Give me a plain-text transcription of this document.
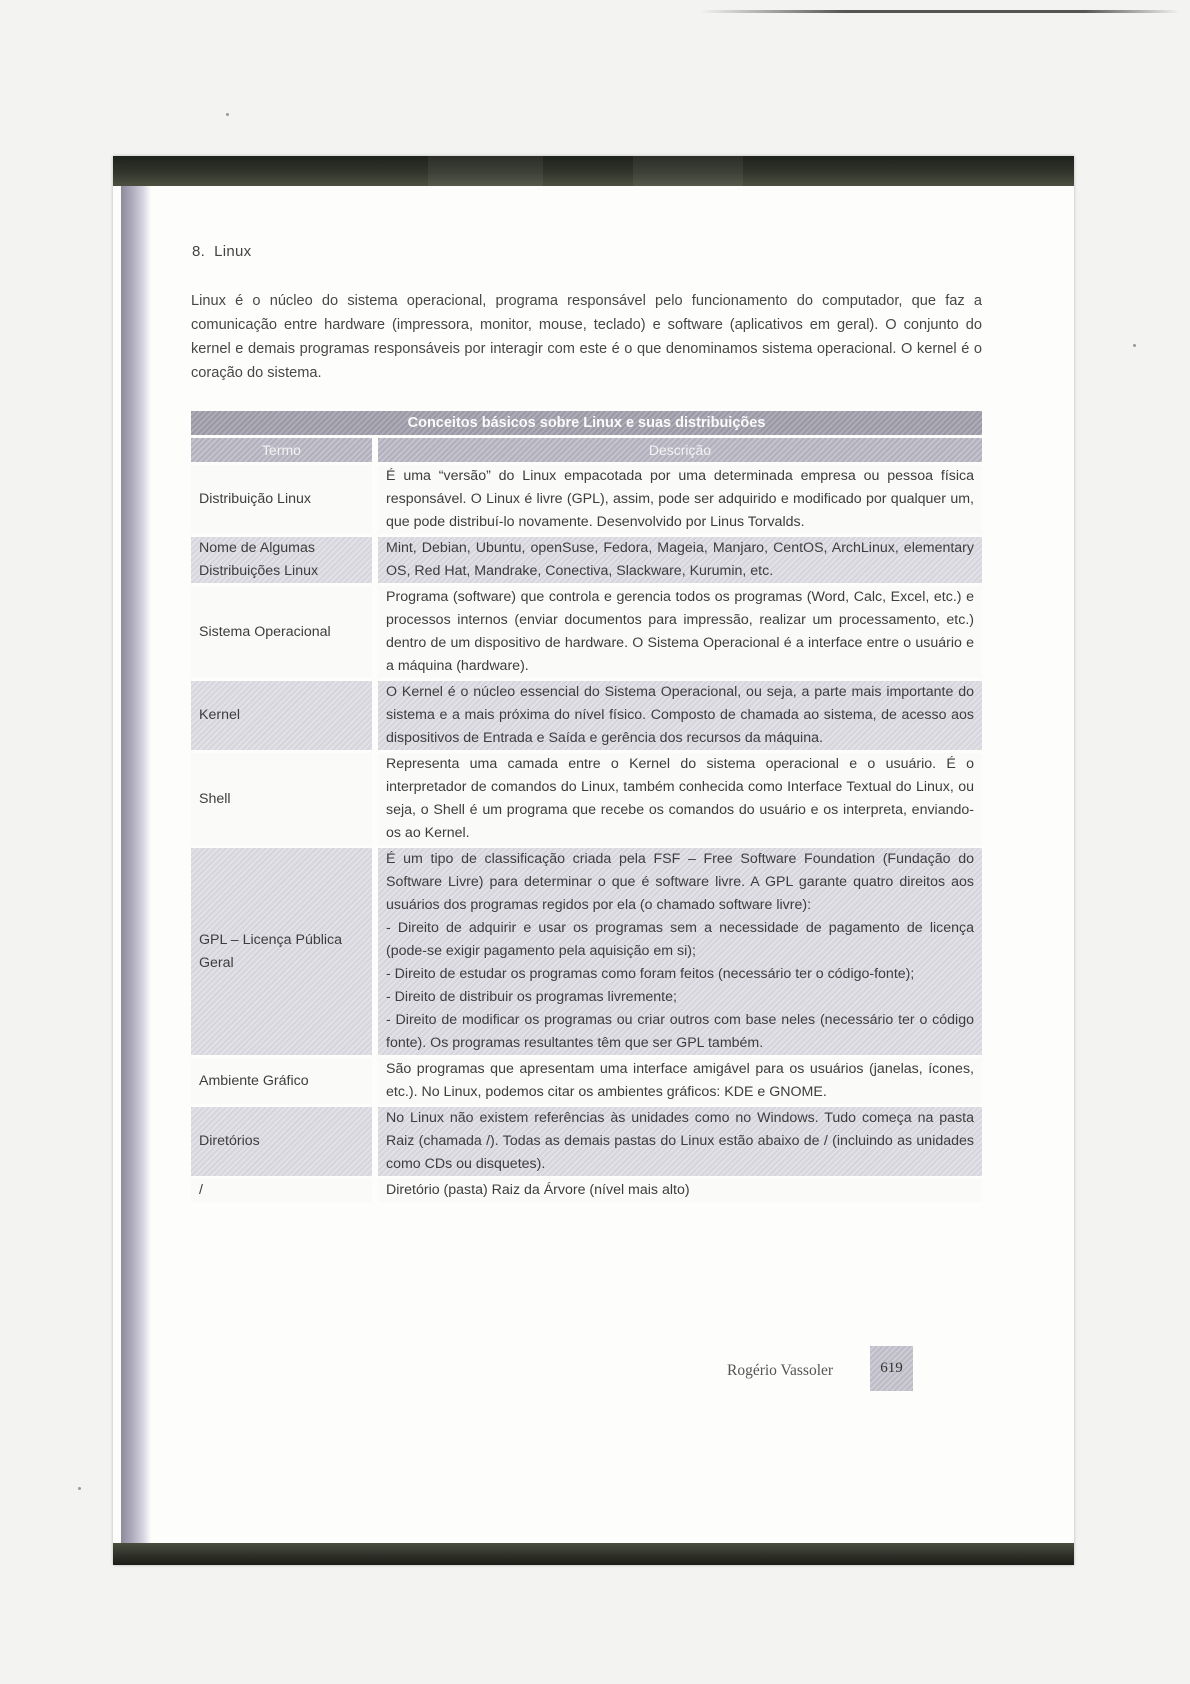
8. Linux
Linux é o núcleo do sistema operacional, programa responsável pelo funcionamento do computador, que faz a comunicação entre hardware (impressora, monitor, mouse, teclado) e software (aplicativos em geral). O conjunto do kernel e demais programas responsáveis por interagir com este é o que denominamos sistema operacional. O kernel é o coração do sistema.
Conceitos básicos sobre Linux e suas distribuições		
Termo		Descrição
Distribuição Linux		É uma “versão” do Linux empacotada por uma determinada empresa ou pessoa física responsável. O Linux é livre (GPL), assim, pode ser adquirido e modificado por qualquer um, que pode distribuí-lo novamente. Desenvolvido por Linus Torvalds.

Nome de Algumas Distribuições Linux		Mint, Debian, Ubuntu, openSuse, Fedora, Mageia, Manjaro, CentOS, ArchLinux, elementary OS, Red Hat, Mandrake, Conectiva, Slackware, Kurumin, etc.

Sistema Operacional		Programa (software) que controla e gerencia todos os programas (Word, Calc, Excel, etc.) e processos internos (enviar documentos para impressão, realizar um processamento, etc.) dentro de um dispositivo de hardware. O Sistema Operacional é a interface entre o usuário e a máquina (hardware).

Kernel		O Kernel é o núcleo essencial do Sistema Operacional, ou seja, a parte mais importante do sistema e a mais próxima do nível físico. Composto de chamada ao sistema, de acesso aos dispositivos de Entrada e Saída e gerência dos recursos da máquina.

Shell		Representa uma camada entre o Kernel do sistema operacional e o usuário. É o interpretador de comandos do Linux, também conhecida como Interface Textual do Linux, ou seja, o Shell é um programa que recebe os comandos do usuário e os interpreta, enviando-os ao Kernel.

GPL – Licença Pública Geral		É um tipo de classificação criada pela FSF – Free Software Foundation (Fundação do Software Livre) para determinar o que é software livre. A GPL garante quatro direitos aos usuários dos programas regidos por ela (o chamado software livre):
- Direito de adquirir e usar os programas sem a necessidade de pagamento de licença (pode-se exigir pagamento pela aquisição em si);
- Direito de estudar os programas como foram feitos (necessário ter o código-fonte);
- Direito de distribuir os programas livremente;
- Direito de modificar os programas ou criar outros com base neles (necessário ter o código fonte). Os programas resultantes têm que ser GPL também.

Ambiente Gráfico		São programas que apresentam uma interface amigável para os usuários (janelas, ícones, etc.). No Linux, podemos citar os ambientes gráficos: KDE e GNOME.

Diretórios		No Linux não existem referências às unidades como no Windows. Tudo começa na pasta Raiz (chamada /). Todas as demais pastas do Linux estão abaixo de / (incluindo as unidades como CDs ou disquetes).

/		Diretório (pasta) Raiz da Árvore (nível mais alto)
Rogério Vassoler	619
